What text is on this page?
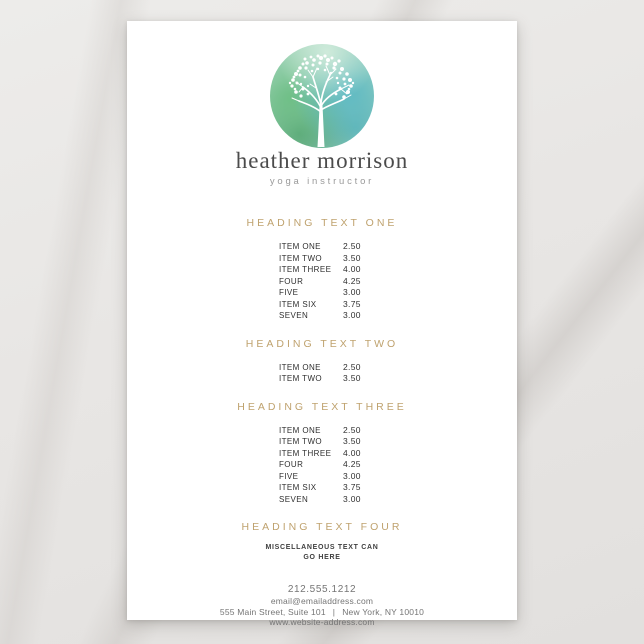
heather morrison
yoga instructor
HEADING TEXT ONE
ITEM ONE	2.50
ITEM TWO	3.50
ITEM THREE	4.00
FOUR	4.25
FIVE	3.00
ITEM SIX	3.75
SEVEN	3.00
HEADING TEXT TWO
ITEM ONE	2.50
ITEM TWO	3.50
HEADING TEXT THREE
ITEM ONE	2.50
ITEM TWO	3.50
ITEM THREE	4.00
FOUR	4.25
FIVE	3.00
ITEM SIX	3.75
SEVEN	3.00
HEADING TEXT FOUR
MISCELLANEOUS TEXT CAN
GO HERE
212.555.1212
email@emailaddress.com
555 Main Street, Suite 101 | New York, NY 10010
www.website-address.com
